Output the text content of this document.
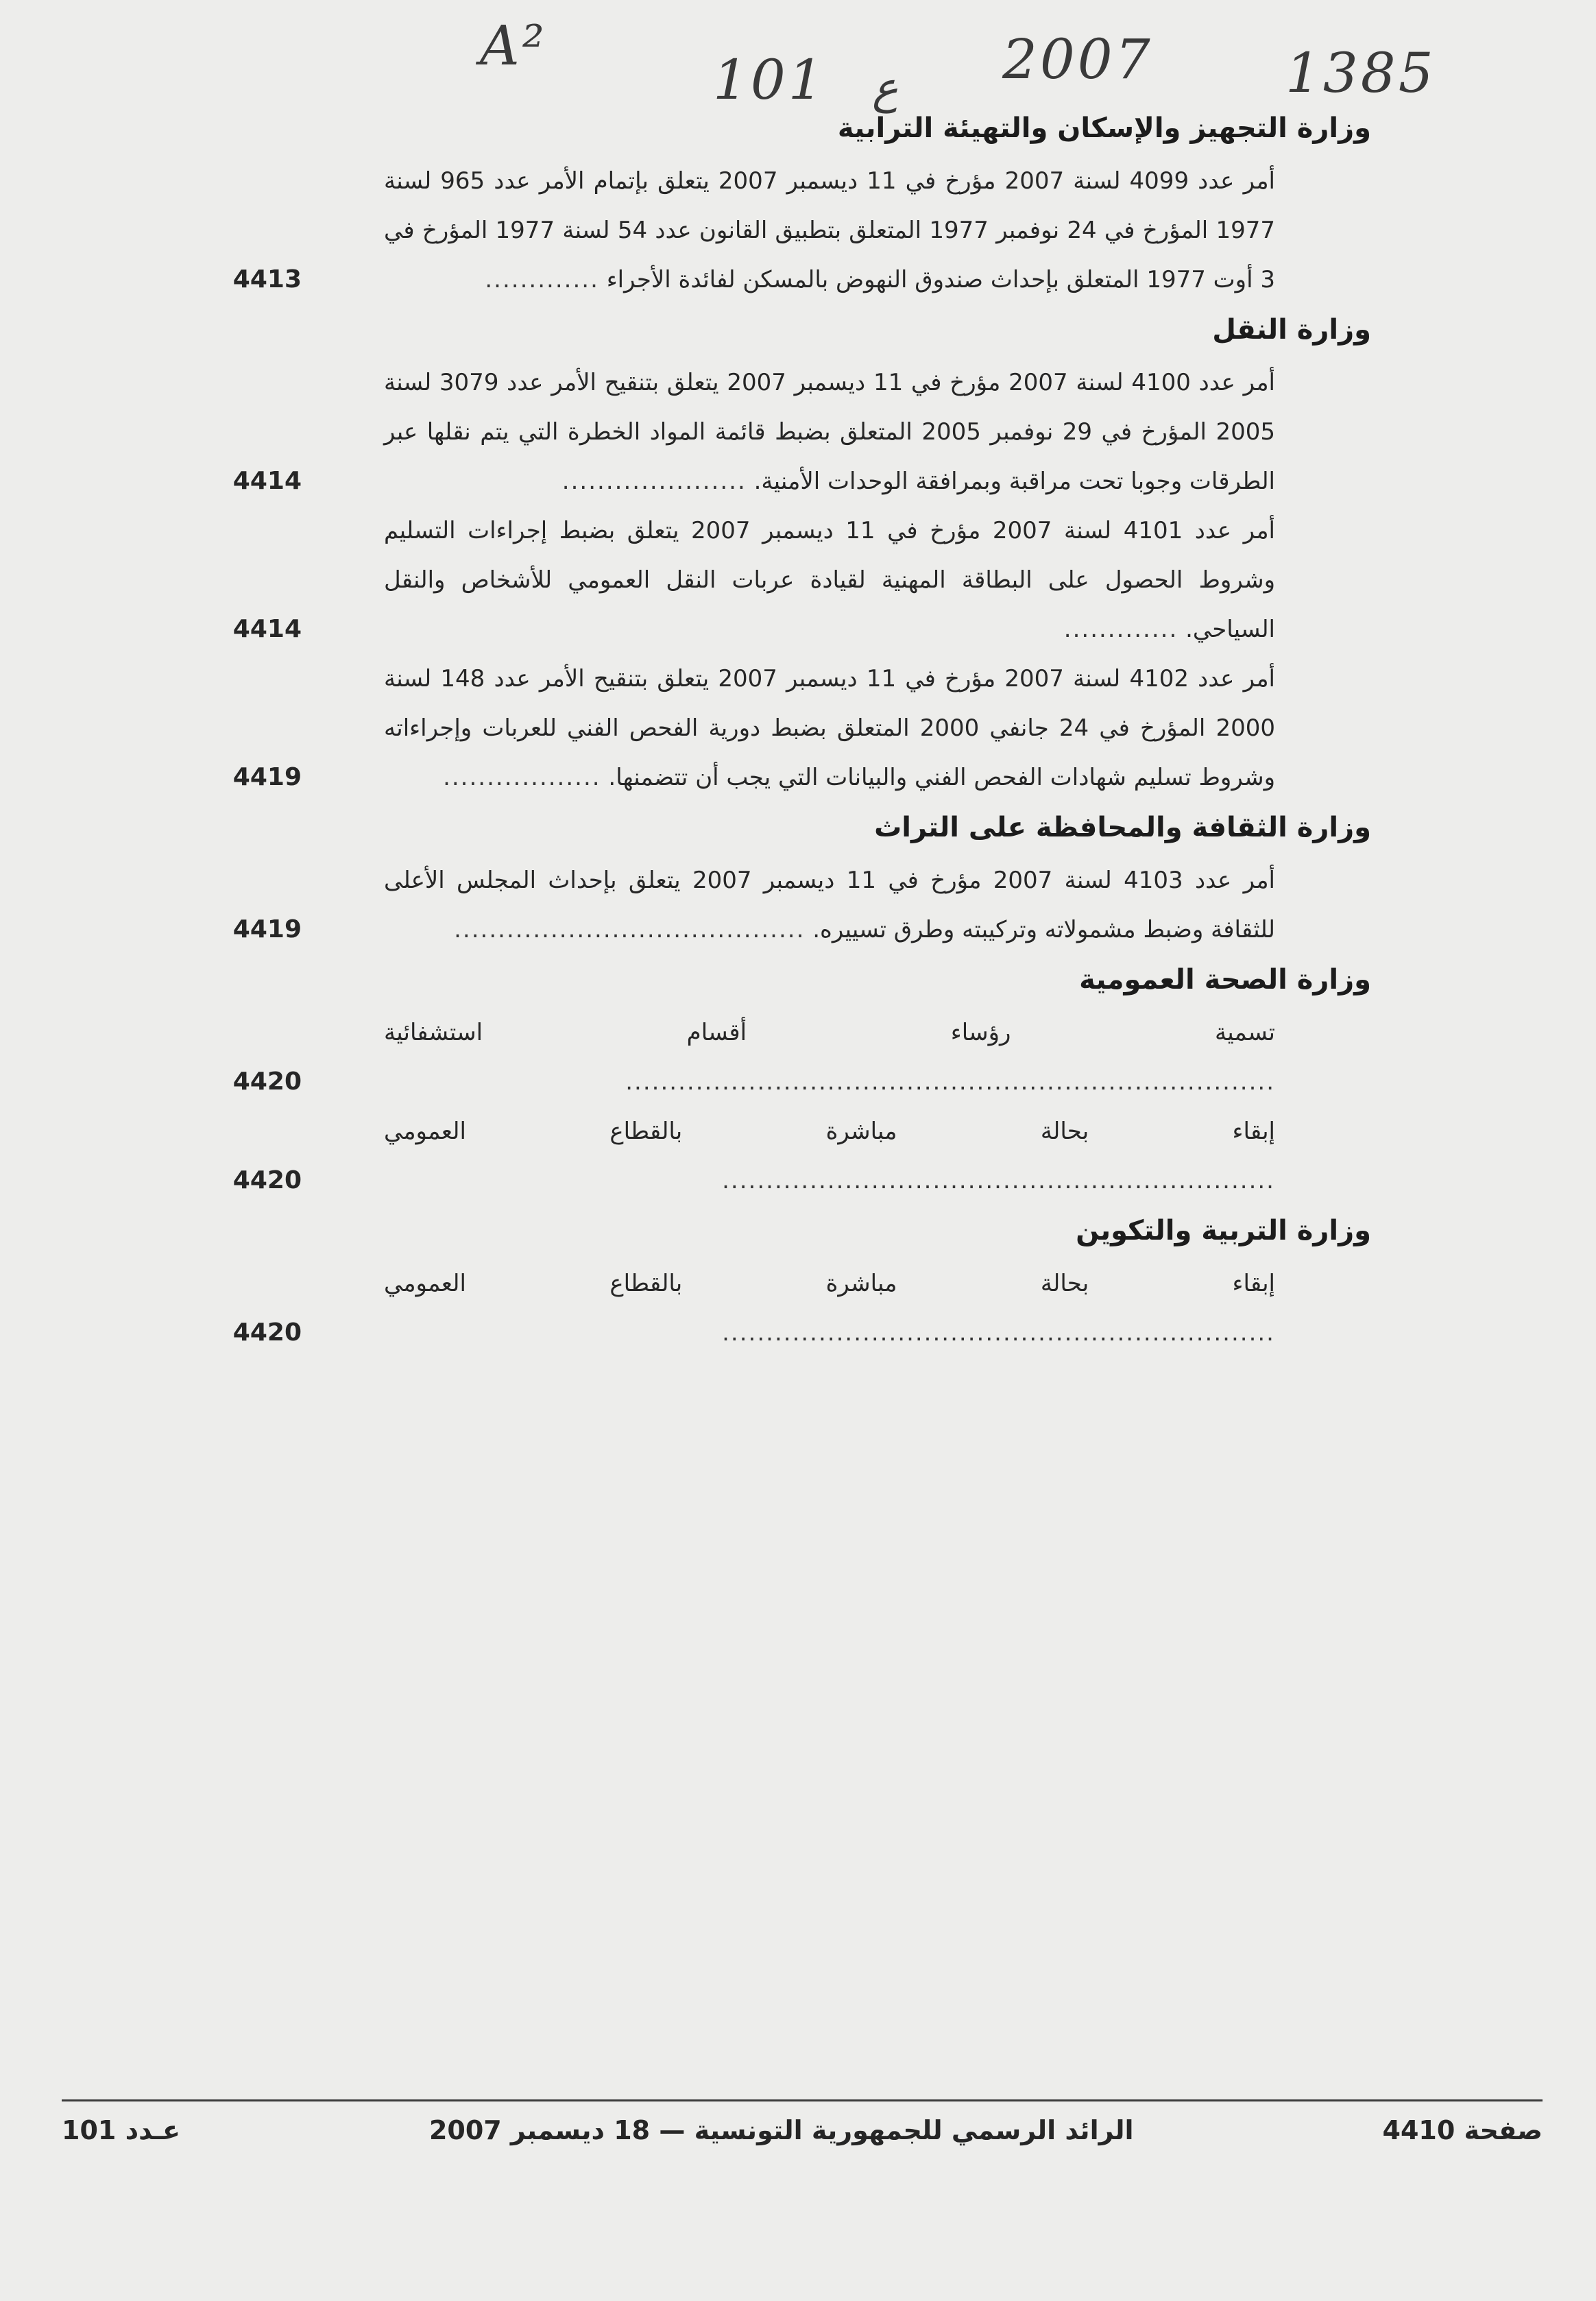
A²
101 ع 2007 1385
وزارة التجهيز والإسكان والتهيئة الترابية
أمر عدد 4099 لسنة 2007 مؤرخ في 11 ديسمبر 2007 يتعلق بإتمام الأمر عدد 965 لسنة 1977 المؤرخ في 24 نوفمبر 1977 المتعلق بتطبيق القانون عدد 54 لسنة 1977 المؤرخ في 3 أوت 1977 المتعلق بإحداث صندوق النهوض بالمسكن لفائدة الأجراء .............
4413
وزارة النقل
أمر عدد 4100 لسنة 2007 مؤرخ في 11 ديسمبر 2007 يتعلق بتنقيح الأمر عدد 3079 لسنة 2005 المؤرخ في 29 نوفمبر 2005 المتعلق بضبط قائمة المواد الخطرة التي يتم نقلها عبر الطرقات وجوبا تحت مراقبة وبمرافقة الوحدات الأمنية. .....................
4414
أمر عدد 4101 لسنة 2007 مؤرخ في 11 ديسمبر 2007 يتعلق بضبط إجراءات التسليم وشروط الحصول على البطاقة المهنية لقيادة عربات النقل العمومي للأشخاص والنقل السياحي. .............
4414
أمر عدد 4102 لسنة 2007 مؤرخ في 11 ديسمبر 2007 يتعلق بتنقيح الأمر عدد 148 لسنة 2000 المؤرخ في 24 جانفي 2000 المتعلق بضبط دورية الفحص الفني للعربات وإجراءاته وشروط تسليم شهادات الفحص الفني والبيانات التي يجب أن تتضمنها. ..................
4419
وزارة الثقافة والمحافظة على التراث
أمر عدد 4103 لسنة 2007 مؤرخ في 11 ديسمبر 2007 يتعلق بإحداث المجلس الأعلى للثقافة وضبط مشمولاته وتركيبته وطرق تسييره. ........................................
4419
وزارة الصحة العمومية
تسمية رؤساء أقسام استشفائية ..........................................................................
4420
إبقاء بحالة مباشرة بالقطاع العمومي ...............................................................
4420
وزارة التربية والتكوين
إبقاء بحالة مباشرة بالقطاع العمومي ...............................................................
4420
صفحة 4410
الرائد الرسمي للجمهورية التونسية — 18 ديسمبر 2007
عـدد 101
